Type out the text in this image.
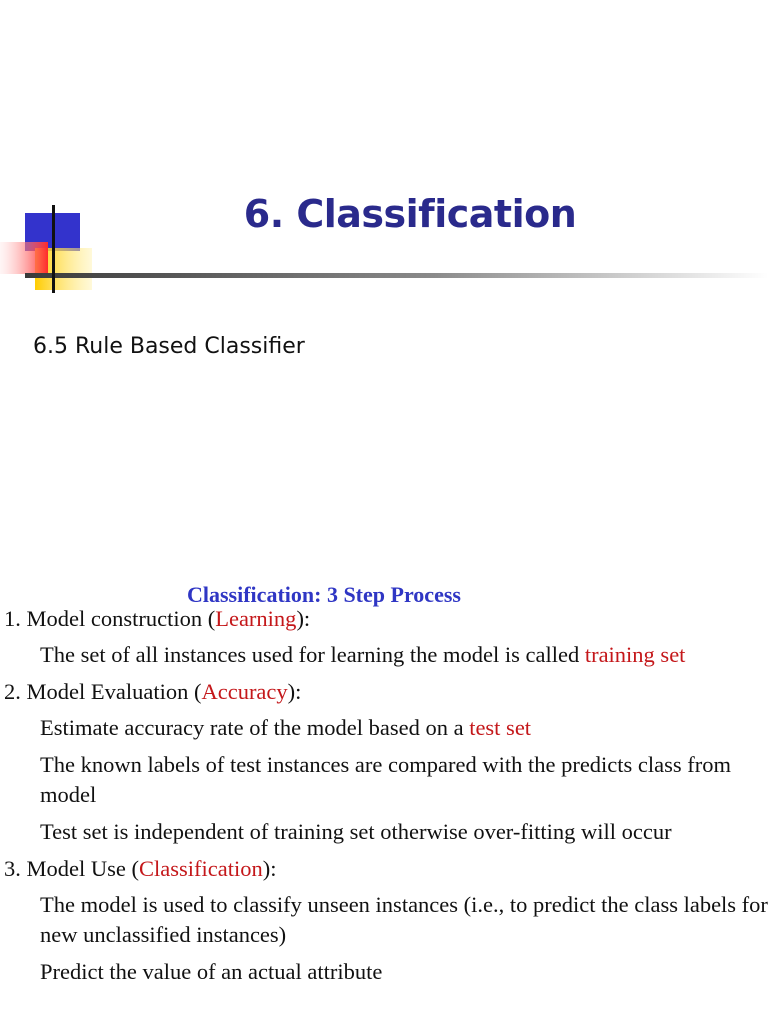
6. Classification
6.5 Rule Based Classifier
Classification: 3 Step Process
1. Model construction (Learning):
The set of all instances used for learning the model is called training set
2. Model Evaluation (Accuracy):
Estimate accuracy rate of the model based on a test set
The known labels of test instances are compared with the predicts class from model
Test set is independent of training set otherwise over-fitting will occur
3. Model Use (Classification):
The model is used to classify unseen instances (i.e., to predict the class labels for new unclassified instances)
Predict the value of an actual attribute
